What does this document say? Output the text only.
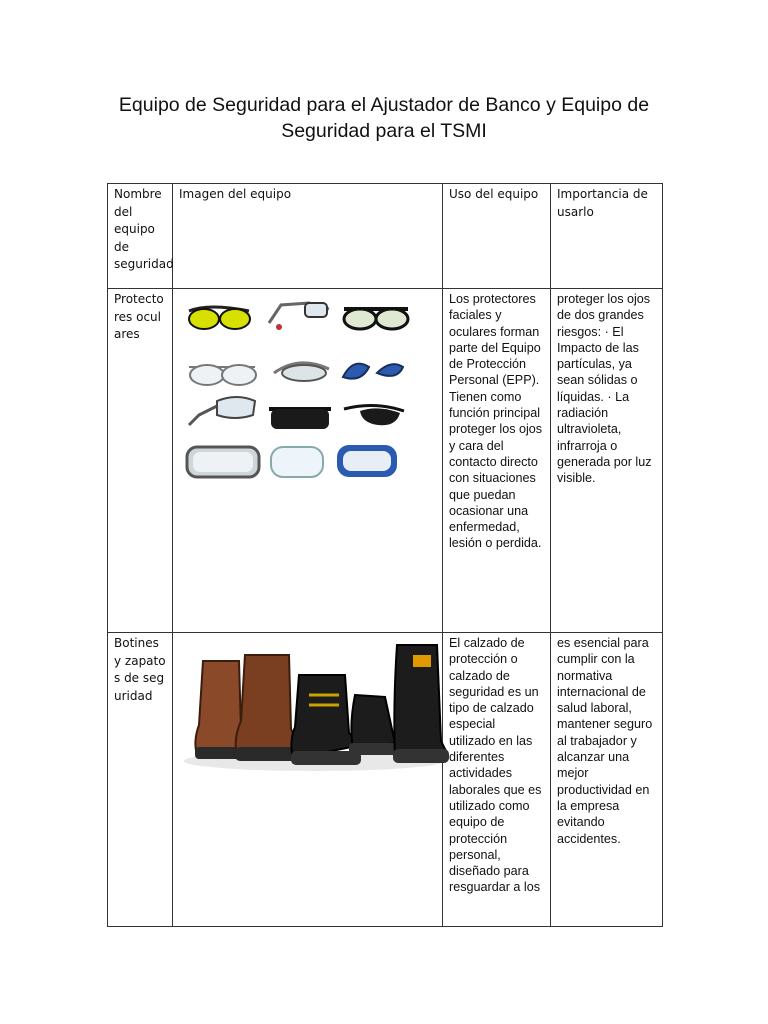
Equipo de Seguridad para el Ajustador de Banco y Equipo de
Seguridad para el TSMI
Nombre del equipo de seguridad	Imagen del equipo	Uso del equipo	Importancia de usarlo
Protectores oculares		Los protectores faciales y oculares forman parte del Equipo de Protección Personal (EPP). Tienen como función principal proteger los ojos y cara del contacto directo con situaciones que puedan ocasionar una enfermedad, lesión o perdida.	proteger los ojos de dos grandes riesgos: · El Impacto de las partículas, ya sean sólidas o líquidas. · La radiación ultravioleta, infrarroja o generada por luz visible.
Botines y zapatos de seguridad		El calzado de protección o calzado de seguridad es un tipo de calzado especial utilizado en las diferentes actividades laborales que es utilizado como equipo de protección personal, diseñado para resguardar a los	es esencial para cumplir con la normativa internacional de salud laboral, mantener seguro al trabajador y alcanzar una mejor productividad en la empresa evitando accidentes.
